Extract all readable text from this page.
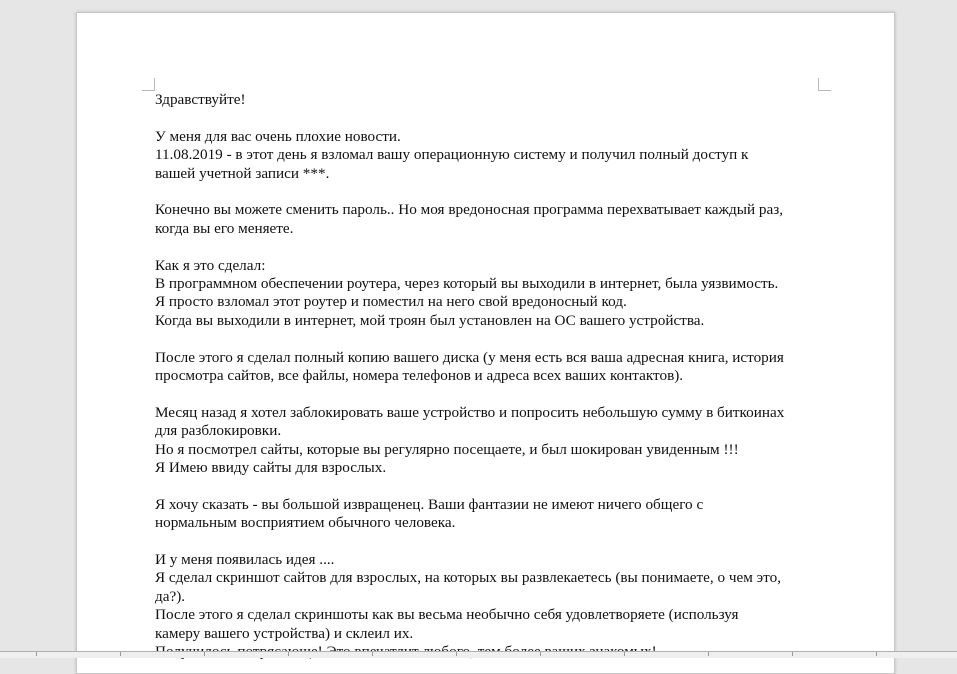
Здравствуйте!
У меня для вас очень плохие новости.
11.08.2019 - в этот день я взломал вашу операционную систему и получил полный доступ к
вашей учетной записи ***.
Конечно вы можете сменить пароль.. Но моя вредоносная программа перехватывает каждый раз,
когда вы его меняете.
Как я это сделал:
В программном обеспечении роутера, через который вы выходили в интернет, была уязвимость.
Я просто взломал этот роутер и поместил на него свой вредоносный код.
Когда вы выходили в интернет, мой троян был установлен на ОС вашего устройства.
После этого я сделал полный копию вашего диска (у меня есть вся ваша адресная книга, история
просмотра сайтов, все файлы, номера телефонов и адреса всех ваших контактов).
Месяц назад я хотел заблокировать ваше устройство и попросить небольшую сумму в биткоинах
для разблокировки.
Но я посмотрел сайты, которые вы регулярно посещаете, и был шокирован увиденным !!!
Я Имею ввиду сайты для взрослых.
Я хочу сказать - вы большой извращенец. Ваши фантазии не имеют ничего общего с
нормальным восприятием обычного человека.
И у меня появилась идея ....
Я сделал скриншот сайтов для взрослых, на которых вы развлекаетесь (вы понимаете, о чем это,
да?).
После этого я сделал скриншоты как вы весьма необычно себя удовлетворяете (используя
камеру вашего устройства) и склеил их.
